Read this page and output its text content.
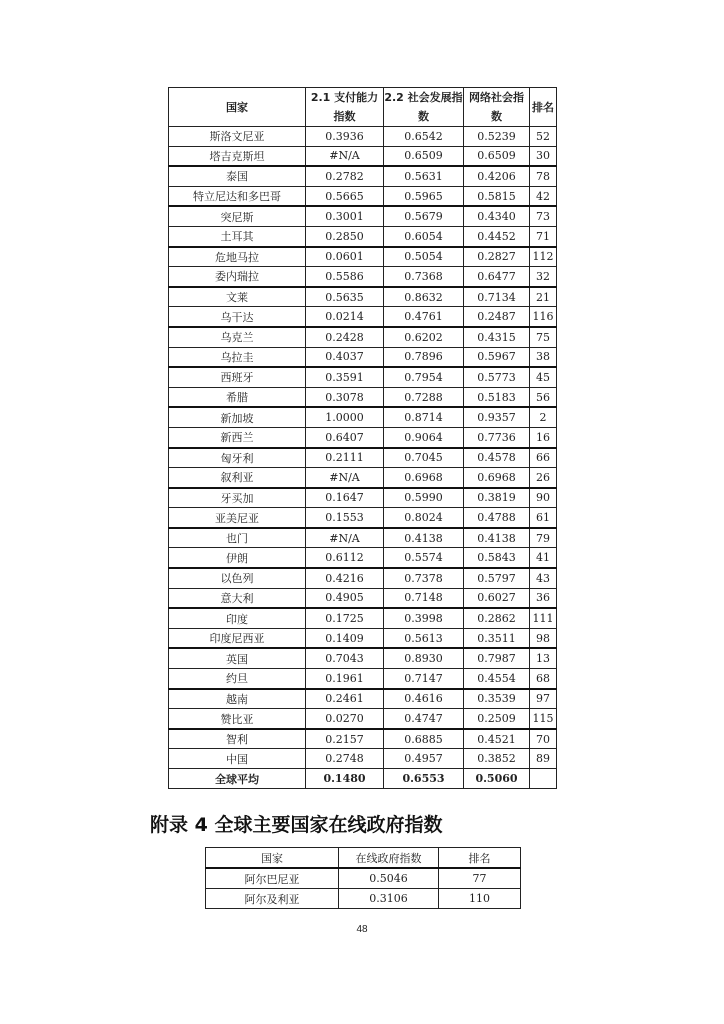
国家	2.1 支付能力指数	2.2 社会发展指数	网络社会指数	排名
斯洛文尼亚	0.3936	0.6542	0.5239	52
塔吉克斯坦	#N/A	0.6509	0.6509	30
泰国	0.2782	0.5631	0.4206	78
特立尼达和多巴哥	0.5665	0.5965	0.5815	42
突尼斯	0.3001	0.5679	0.4340	73
土耳其	0.2850	0.6054	0.4452	71
危地马拉	0.0601	0.5054	0.2827	112
委内瑞拉	0.5586	0.7368	0.6477	32
文莱	0.5635	0.8632	0.7134	21
乌干达	0.0214	0.4761	0.2487	116
乌克兰	0.2428	0.6202	0.4315	75
乌拉圭	0.4037	0.7896	0.5967	38
西班牙	0.3591	0.7954	0.5773	45
希腊	0.3078	0.7288	0.5183	56
新加坡	1.0000	0.8714	0.9357	2
新西兰	0.6407	0.9064	0.7736	16
匈牙利	0.2111	0.7045	0.4578	66
叙利亚	#N/A	0.6968	0.6968	26
牙买加	0.1647	0.5990	0.3819	90
亚美尼亚	0.1553	0.8024	0.4788	61
也门	#N/A	0.4138	0.4138	79
伊朗	0.6112	0.5574	0.5843	41
以色列	0.4216	0.7378	0.5797	43
意大利	0.4905	0.7148	0.6027	36
印度	0.1725	0.3998	0.2862	111
印度尼西亚	0.1409	0.5613	0.3511	98
英国	0.7043	0.8930	0.7987	13
约旦	0.1961	0.7147	0.4554	68
越南	0.2461	0.4616	0.3539	97
赞比亚	0.0270	0.4747	0.2509	115
智利	0.2157	0.6885	0.4521	70
中国	0.2748	0.4957	0.3852	89
全球平均	0.1480	0.6553	0.5060	
附录 4 全球主要国家在线政府指数
国家	在线政府指数	排名
阿尔巴尼亚	0.5046	77
阿尔及利亚	0.3106	110
48
